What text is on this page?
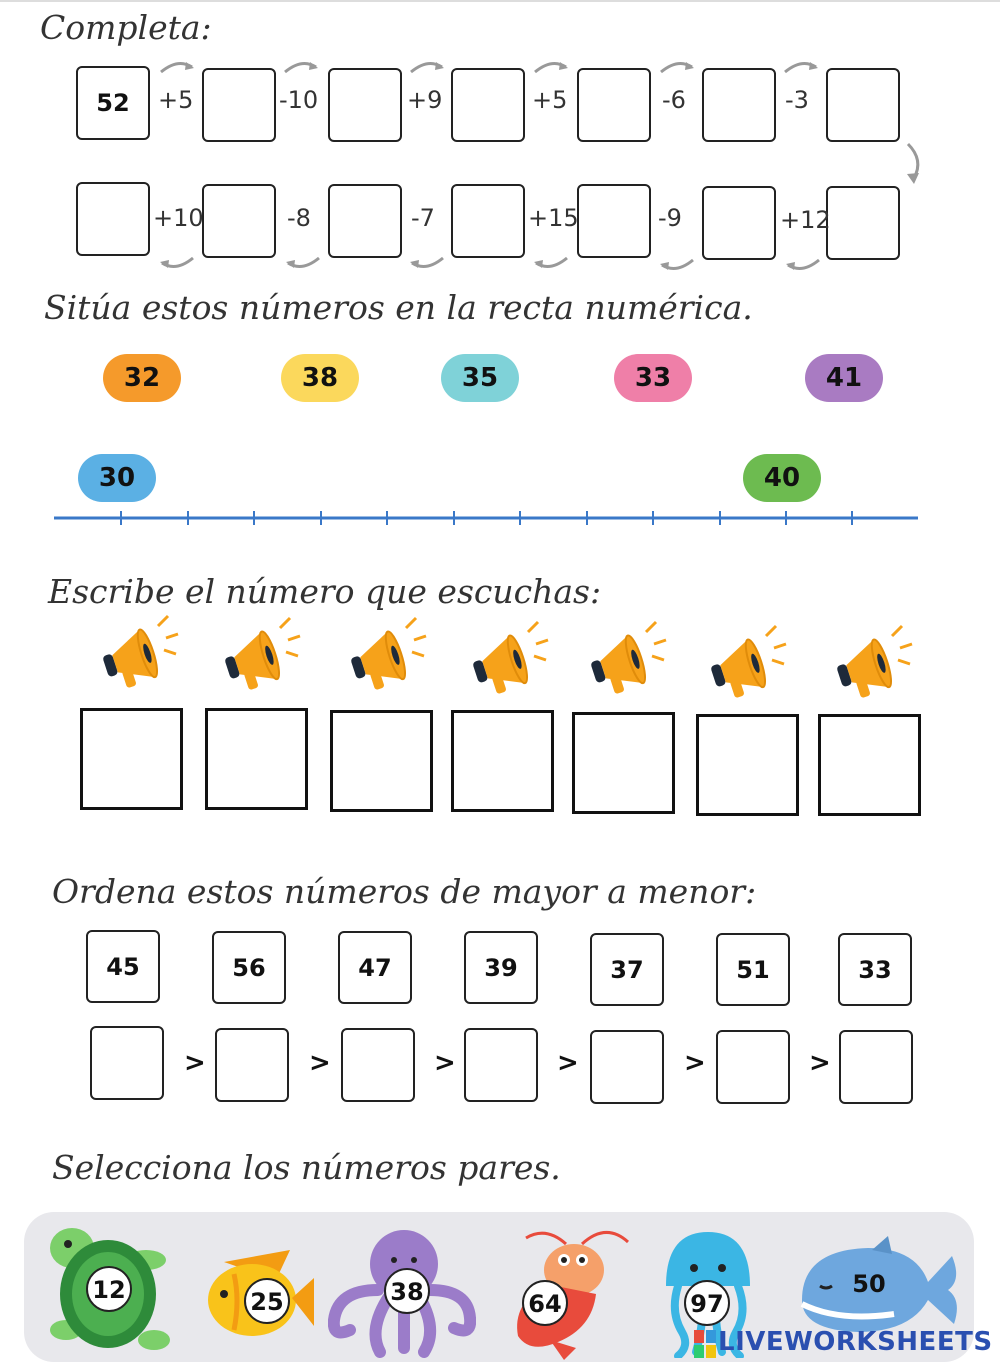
Completa:
52	+5	-10	+9	+5	-6	-3
+10	-8	-7	+15	-9	+12
Sitúa estos números en la recta numérica.
32	38	35	33	41
30	40
Escribe el número que escuchas:
Ordena estos números de mayor a menor:
45	56	47	39	37	51	33
>	>	>	>	>	>
Selecciona los números pares.
12	25	38	64	97
50
LIVEWORKSHEETS
